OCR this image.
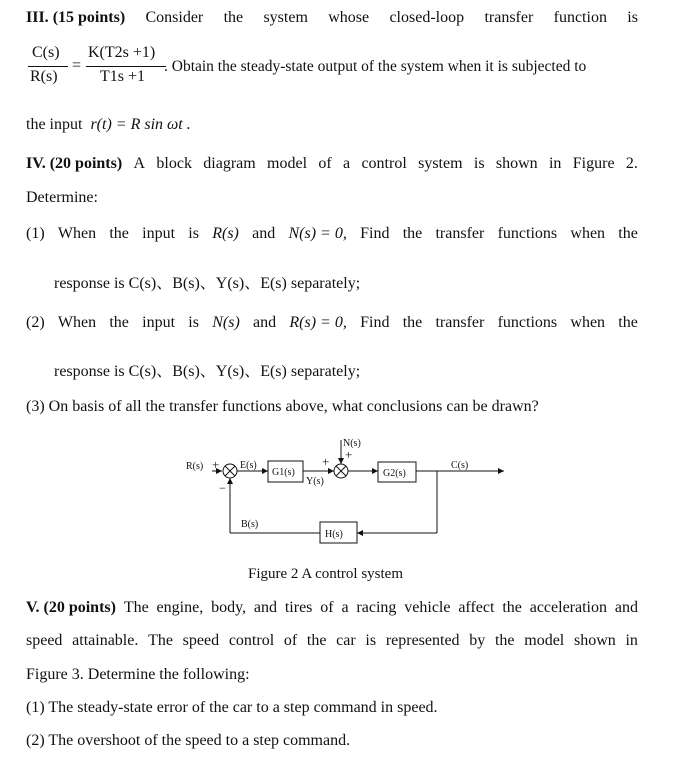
III. (15 points) Consider the system whose closed-loop transfer function is
C(s)
R(s)
=
K(T2s +1)
T1s +1
. Obtain the steady-state output of the system when it is subjected to
the input r(t) = R sin ωt .
IV. (20 points) A block diagram model of a control system is shown in Figure 2.
Determine:
(1) When the input is R(s) and N(s) = 0, Find the transfer functions when the
response is C(s)、B(s)、Y(s)、E(s) separately;
(2) When the input is N(s) and R(s) = 0, Find the transfer functions when the
response is C(s)、B(s)、Y(s)、E(s) separately;
(3) On basis of all the transfer functions above, what conclusions can be drawn?
R(s) +
−
E(s)
G1(s)
N(s)
+
+
Y(s)
G2(s)
C(s)
B(s)
H(s)
Figure 2 A control system
V. (20 points) The engine, body, and tires of a racing vehicle affect the acceleration and
speed attainable. The speed control of the car is represented by the model shown in
Figure 3. Determine the following:
(1) The steady-state error of the car to a step command in speed.
(2) The overshoot of the speed to a step command.
